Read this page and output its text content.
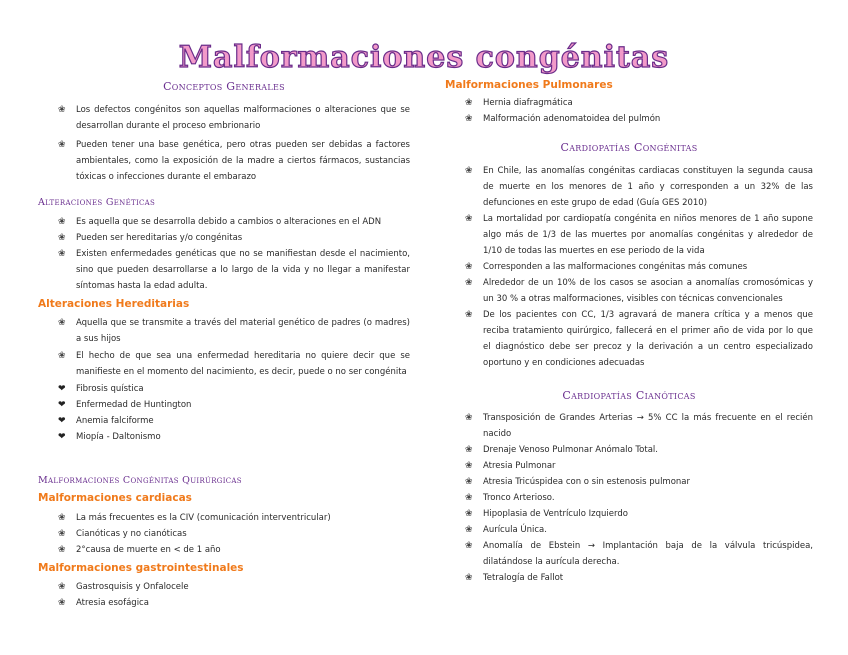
Malformaciones congénitas
Conceptos Generales
❀ Los defectos congénitos son aquellas malformaciones o alteraciones que se desarrollan durante el proceso embrionario
❀ Pueden tener una base genética, pero otras pueden ser debidas a factores ambientales, como la exposición de la madre a ciertos fármacos, sustancias tóxicas o infecciones durante el embarazo
Alteraciones Genéticas
❀ Es aquella que se desarrolla debido a cambios o alteraciones en el ADN
❀ Pueden ser hereditarias y/o congénitas
❀ Existen enfermedades genéticas que no se manifiestan desde el nacimiento, sino que pueden desarrollarse a lo largo de la vida y no llegar a manifestar síntomas hasta la edad adulta.
Alteraciones Hereditarias
❀ Aquella que se transmite a través del material genético de padres (o madres) a sus hijos
❀ El hecho de que sea una enfermedad hereditaria no quiere decir que se manifieste en el momento del nacimiento, es decir, puede o no ser congénita
❤ Fibrosis quística
❤ Enfermedad de Huntington
❤ Anemia falciforme
❤ Miopía - Daltonismo
Malformaciones Congénitas Quirúrgicas
Malformaciones cardiacas
❀ La más frecuentes es la CIV (comunicación interventricular)
❀ Cianóticas y no cianóticas
❀ 2°causa de muerte en < de 1 año
Malformaciones gastrointestinales
❀ Gastrosquisis y Onfalocele
❀ Atresia esofágica
Malformaciones Pulmonares
❀ Hernia diafragmática
❀ Malformación adenomatoidea del pulmón
Cardiopatías Congénitas
❀ En Chile, las anomalías congénitas cardiacas constituyen la segunda causa de muerte en los menores de 1 año y corresponden a un 32% de las defunciones en este grupo de edad (Guía GES 2010)
❀ La mortalidad por cardiopatía congénita en niños menores de 1 año supone algo más de 1/3 de las muertes por anomalías congénitas y alrededor de 1/10 de todas las muertes en ese periodo de la vida
❀ Corresponden a las malformaciones congénitas más comunes
❀ Alrededor de un 10% de los casos se asocian a anomalías cromosómicas y un 30 % a otras malformaciones, visibles con técnicas convencionales
❀ De los pacientes con CC, 1/3 agravará de manera crítica y a menos que reciba tratamiento quirúrgico, fallecerá en el primer año de vida por lo que el diagnóstico debe ser precoz y la derivación a un centro especializado oportuno y en condiciones adecuadas
Cardiopatías Cianóticas
❀ Transposición de Grandes Arterias → 5% CC la más frecuente en el recién nacido
❀ Drenaje Venoso Pulmonar Anómalo Total.
❀ Atresia Pulmonar
❀ Atresia Tricúspidea con o sin estenosis pulmonar
❀ Tronco Arterioso.
❀ Hipoplasia de Ventrículo Izquierdo
❀ Aurícula Única.
❀ Anomalía de Ebstein → Implantación baja de la válvula tricúspidea, dilatándose la aurícula derecha.
❀ Tetralogía de Fallot
